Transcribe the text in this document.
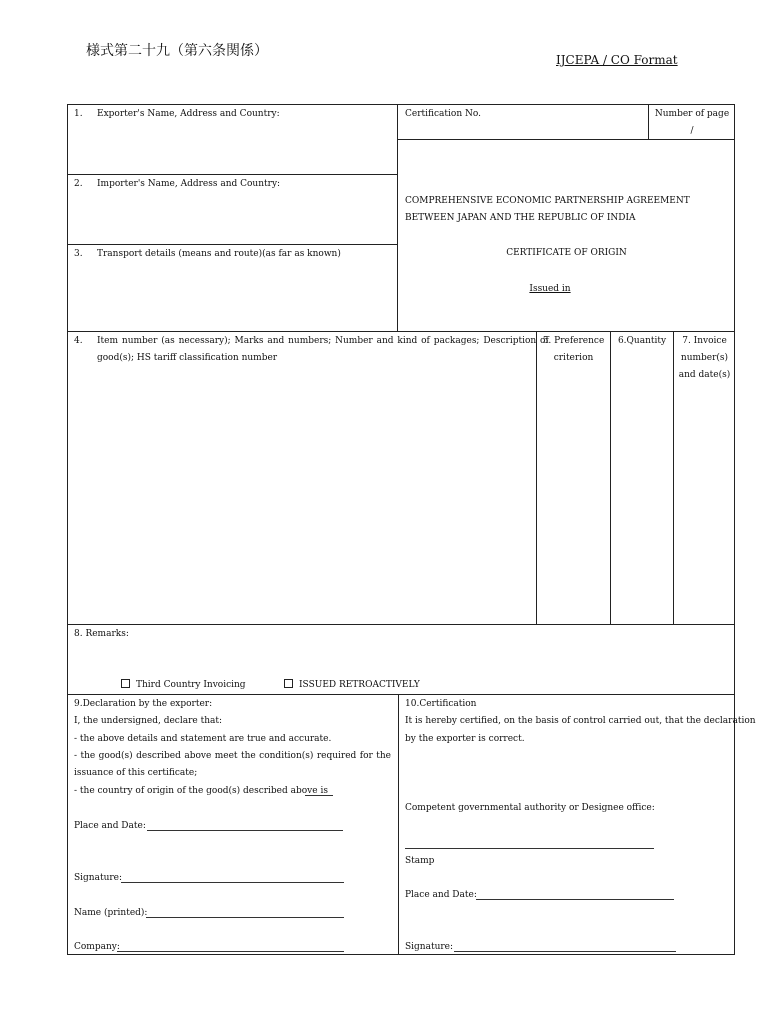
様式第二十九（第六条関係）
IJCEPA / CO Format
1. Exporter's Name, Address and Country:
2. Importer's Name, Address and Country:
3. Transport details (means and route)(as far as known)
Certification No.	Number of page
/
COMPREHENSIVE ECONOMIC PARTNERSHIP AGREEMENT
BETWEEN JAPAN AND THE REPUBLIC OF INDIA
CERTIFICATE OF ORIGIN
Issued in
4. Item number (as necessary); Marks and numbers; Number and kind of packages; Description of
good(s); HS tariff classification number
5. Preference
criterion
6.Quantity	7. Invoice
number(s)
and date(s)
8. Remarks:
Third Country Invoicing	ISSUED RETROACTIVELY
9.Declaration by the exporter:
I, the undersigned, declare that:
- the above details and statement are true and accurate.
- the good(s) described above meet the condition(s) required for the
issuance of this certificate;
- the country of origin of the good(s) described above is
Place and Date:
Signature:
Name (printed):
Company:
10.Certification
It is hereby certified, on the basis of control carried out, that the declaration
by the exporter is correct.
Competent governmental authority or Designee office:
Stamp
Place and Date:
Signature:
